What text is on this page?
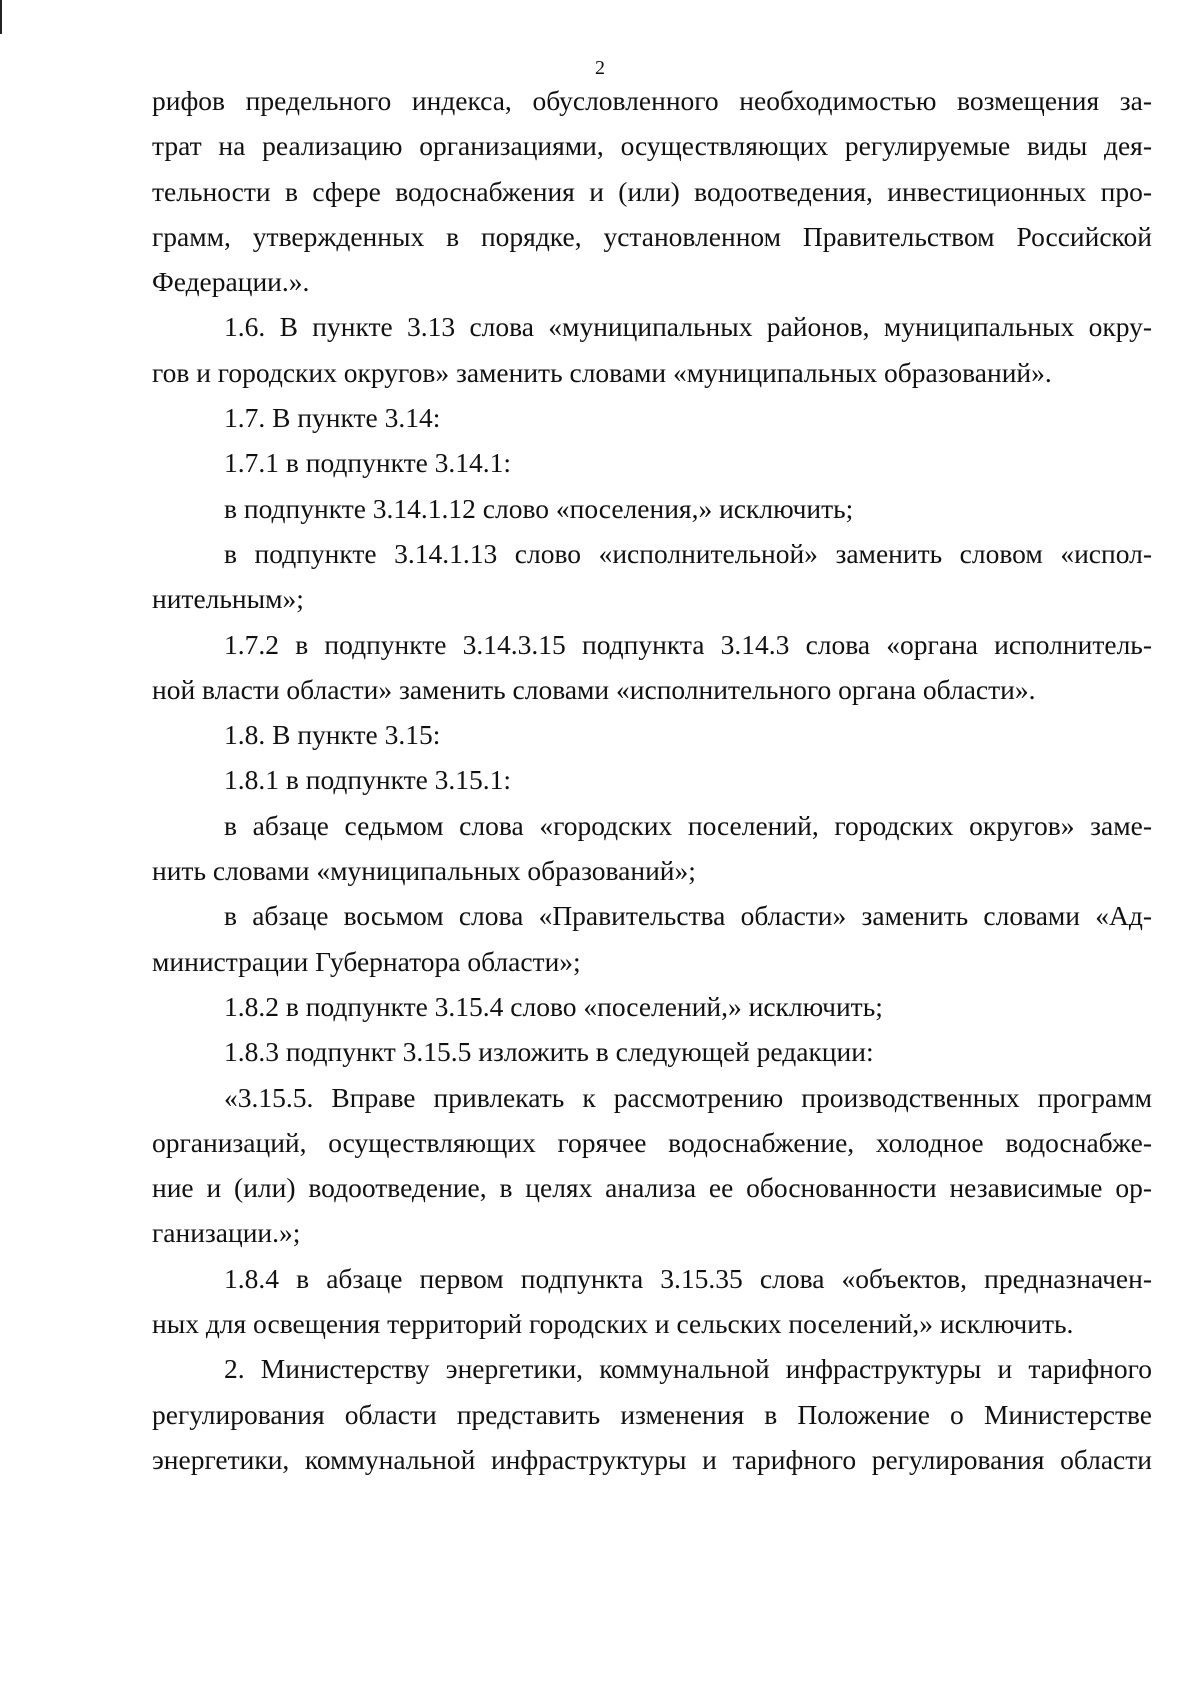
2
рифов предельного индекса, обусловленного необходимостью возмещения за-
трат на реализацию организациями, осуществляющих регулируемые виды дея-
тельности в сфере водоснабжения и (или) водоотведения, инвестиционных про-
грамм, утвержденных в порядке, установленном Правительством Российской
Федерации.».
1.6. В пункте 3.13 слова «муниципальных районов, муниципальных окру-
гов и городских округов» заменить словами «муниципальных образований».
1.7. В пункте 3.14:
1.7.1 в подпункте 3.14.1:
в подпункте 3.14.1.12 слово «поселения,» исключить;
в подпункте 3.14.1.13 слово «исполнительной» заменить словом «испол-
нительным»;
1.7.2 в подпункте 3.14.3.15 подпункта 3.14.3 слова «органа исполнитель-
ной власти области» заменить словами «исполнительного органа области».
1.8. В пункте 3.15:
1.8.1 в подпункте 3.15.1:
в абзаце седьмом слова «городских поселений, городских округов» заме-
нить словами «муниципальных образований»;
в абзаце восьмом слова «Правительства области» заменить словами «Ад-
министрации Губернатора области»;
1.8.2 в подпункте 3.15.4 слово «поселений,» исключить;
1.8.3 подпункт 3.15.5 изложить в следующей редакции:
«3.15.5. Вправе привлекать к рассмотрению производственных программ
организаций, осуществляющих горячее водоснабжение, холодное водоснабже-
ние и (или) водоотведение, в целях анализа ее обоснованности независимые ор-
ганизации.»;
1.8.4 в абзаце первом подпункта 3.15.35 слова «объектов, предназначен-
ных для освещения территорий городских и сельских поселений,» исключить.
2. Министерству энергетики, коммунальной инфраструктуры и тарифного
регулирования области представить изменения в Положение о Министерстве
энергетики, коммунальной инфраструктуры и тарифного регулирования области
